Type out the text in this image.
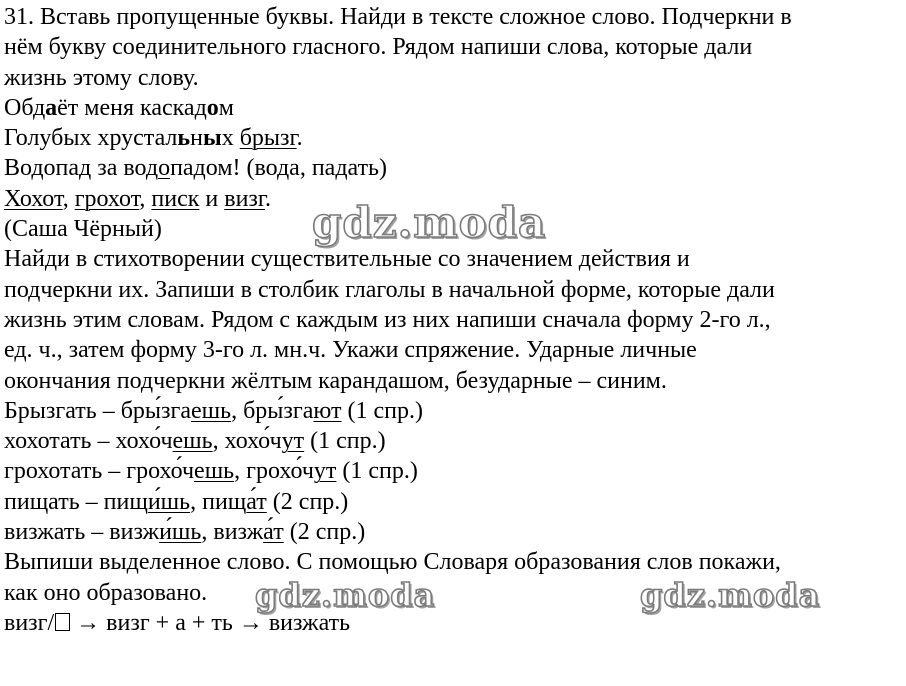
31. Вставь пропущенные буквы. Найди в тексте сложное слово. Подчеркни в
нём букву соединительного гласного. Рядом напиши слова, которые дали
жизнь этому слову.
Обдаёт меня каскадом
Голубых хрустальных брызг.
Водопад за водопадом! (вода, падать)
Хохот, грохот, писк и визг.
(Саша Чёрный)
Найди в стихотворении существительные со значением действия и
подчеркни их. Запиши в столбик глаголы в начальной форме, которые дали
жизнь этим словам. Рядом с каждым из них напиши сначала форму 2-го л.,
ед. ч., затем форму 3-го л. мн.ч. Укажи спряжение. Ударные личные
окончания подчеркни жёлтым карандашом, безударные – синим.
Брызгать – бры́згаешь, бры́згают (1 спр.)
хохотать – хохо́чешь, хохо́чут (1 спр.)
грохотать – грохо́чешь, грохо́чут (1 спр.)
пищать – пищи́шь, пища́т (2 спр.)
визжать – визжи́шь, визжа́т (2 спр.)
Выпиши выделенное слово. С помощью Словаря образования слов покажи,
как оно образовано.
визг/ → визг + а + ть → визжать
gdz.moda
gdz.moda	gdz.moda
